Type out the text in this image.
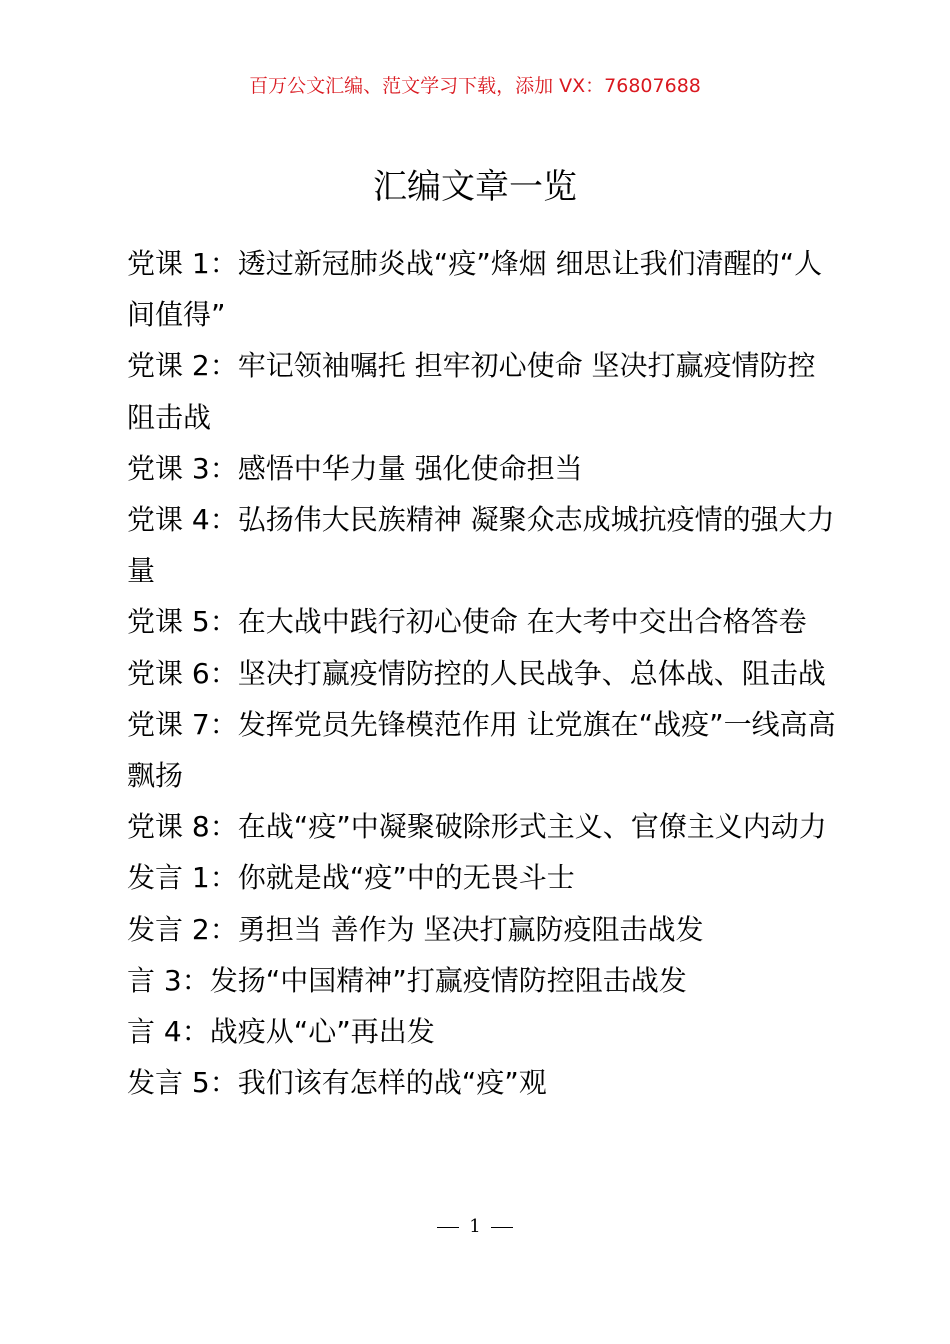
百万公文汇编、范文学习下载，添加 VX：76807688
汇编文章一览
党课 1：透过新冠肺炎战“疫”烽烟 细思让我们清醒的“人间值得”
党课 2：牢记领袖嘱托 担牢初心使命 坚决打赢疫情防控阻击战
党课 3：感悟中华力量 强化使命担当
党课 4：弘扬伟大民族精神 凝聚众志成城抗疫情的强大力量
党课 5：在大战中践行初心使命 在大考中交出合格答卷
党课 6：坚决打赢疫情防控的人民战争、总体战、阻击战
党课 7：发挥党员先锋模范作用 让党旗在“战疫”一线高高飘扬
党课 8：在战“疫”中凝聚破除形式主义、官僚主义内动力
发言 1：你就是战“疫”中的无畏斗士
发言 2：勇担当 善作为 坚决打赢防疫阻击战发
言 3：发扬“中国精神”打赢疫情防控阻击战发
言 4：战疫从“心”再出发
发言 5：我们该有怎样的战“疫”观
1
